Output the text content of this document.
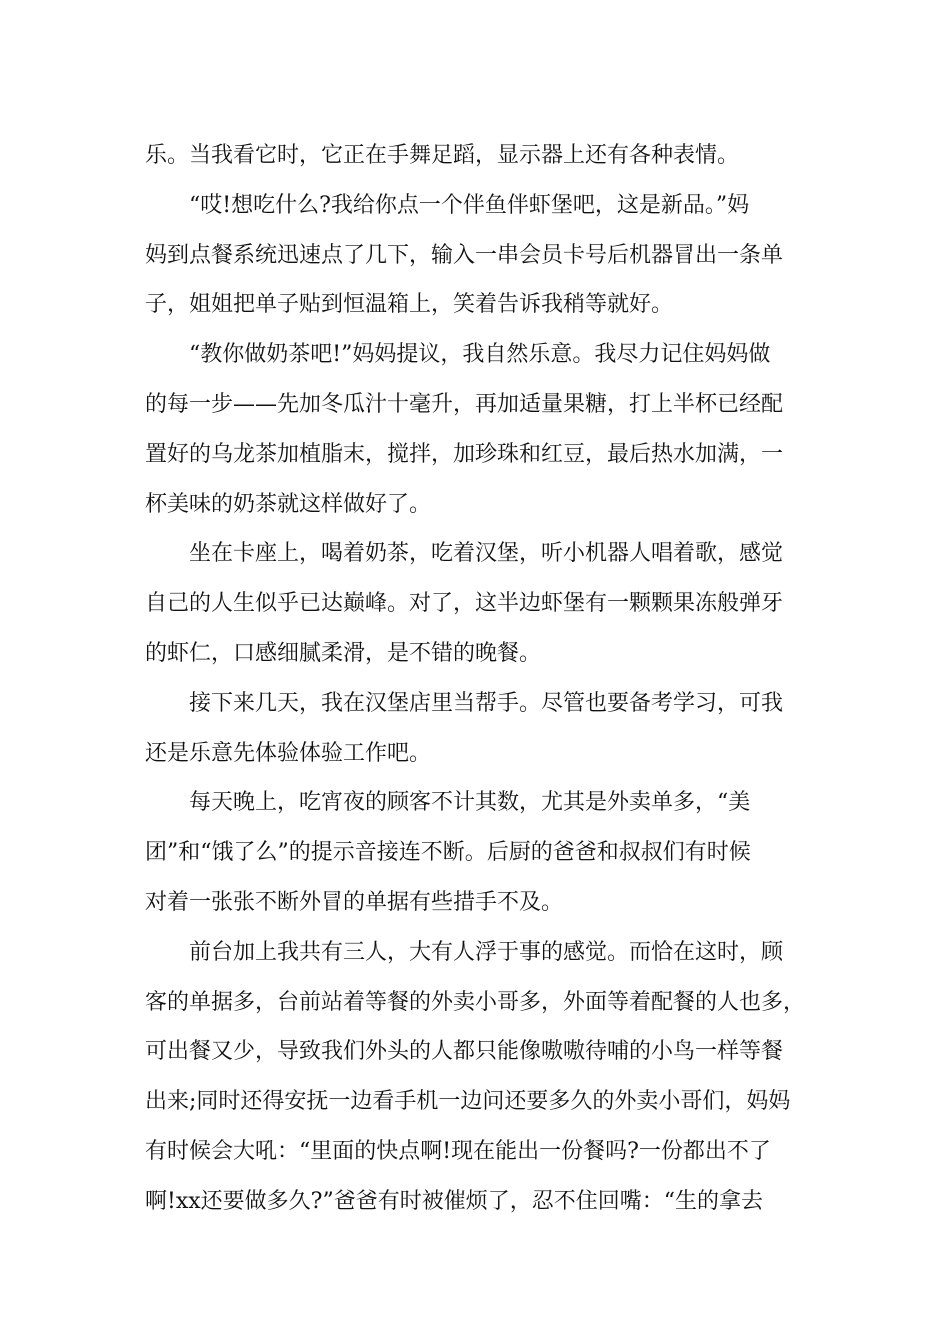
乐。当我看它时，它正在手舞足蹈，显示器上还有各种表情。
“哎!想吃什么?我给你点一个伴鱼伴虾堡吧，这是新品。”妈
妈到点餐系统迅速点了几下，输入一串会员卡号后机器冒出一条单
子，姐姐把单子贴到恒温箱上，笑着告诉我稍等就好。
“教你做奶茶吧!”妈妈提议，我自然乐意。我尽力记住妈妈做
的每一步——先加冬瓜汁十毫升，再加适量果糖，打上半杯已经配
置好的乌龙茶加植脂末，搅拌，加珍珠和红豆，最后热水加满，一
杯美味的奶茶就这样做好了。
坐在卡座上，喝着奶茶，吃着汉堡，听小机器人唱着歌，感觉
自己的人生似乎已达巅峰。对了，这半边虾堡有一颗颗果冻般弹牙
的虾仁，口感细腻柔滑，是不错的晚餐。
接下来几天，我在汉堡店里当帮手。尽管也要备考学习，可我
还是乐意先体验体验工作吧。
每天晚上，吃宵夜的顾客不计其数，尤其是外卖单多，“美
团”和“饿了么”的提示音接连不断。后厨的爸爸和叔叔们有时候
对着一张张不断外冒的单据有些措手不及。
前台加上我共有三人，大有人浮于事的感觉。而恰在这时，顾
客的单据多，台前站着等餐的外卖小哥多，外面等着配餐的人也多，
可出餐又少，导致我们外头的人都只能像嗷嗷待哺的小鸟一样等餐
出来;同时还得安抚一边看手机一边问还要多久的外卖小哥们，妈妈
有时候会大吼：“里面的快点啊!现在能出一份餐吗?一份都出不了
啊!xx还要做多久?”爸爸有时被催烦了，忍不住回嘴：“生的拿去
